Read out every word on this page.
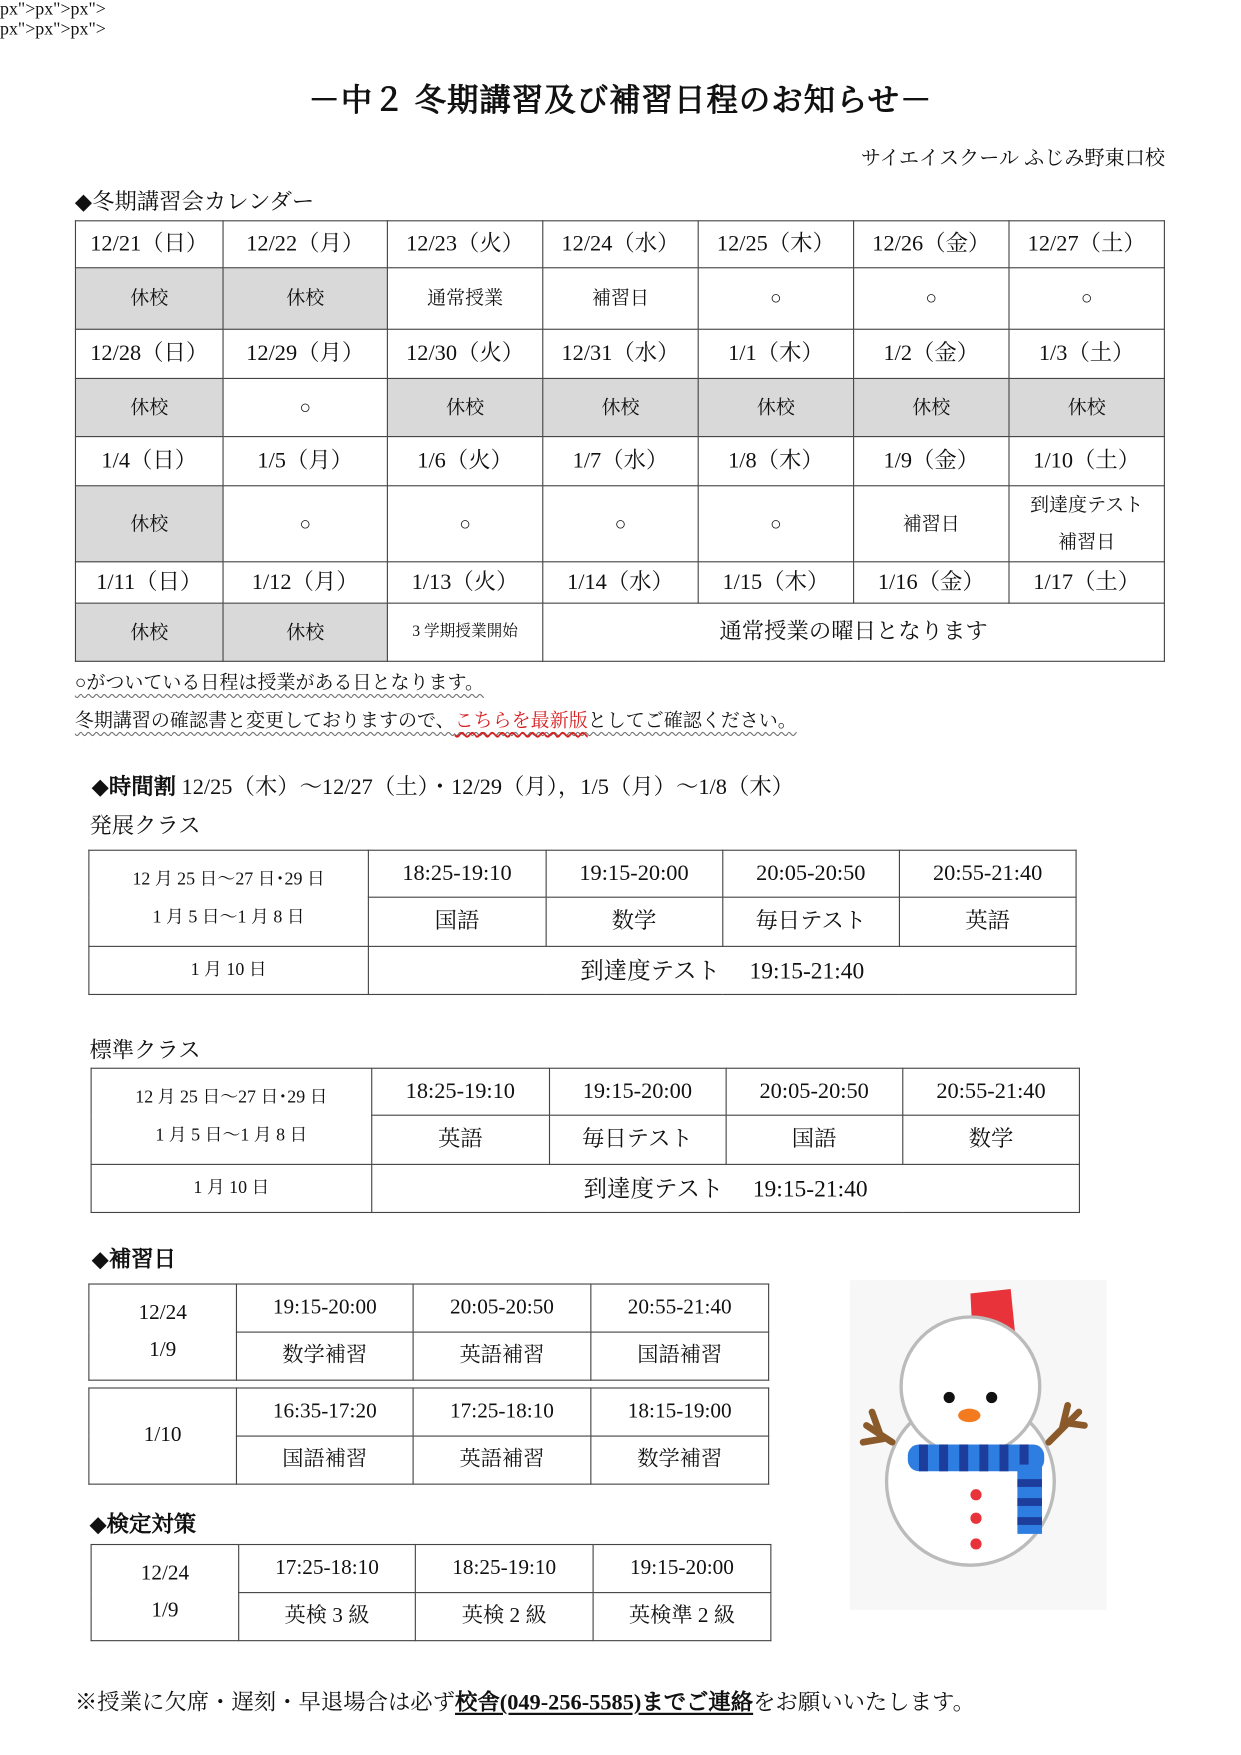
－中２ 冬期講習及び補習日程のお知らせ－
サイエイスクール ふじみ野東口校
◆冬期講習会カレンダー
12/21（日）	12/22（月）	12/23（火）	12/24（水）	12/25（木）	12/26（金）	12/27（土）
休校	休校	通常授業	補習日	○	○	○
12/28（日）	12/29（月）	12/30（火）	12/31（水）	1/1（木）	1/2（金）	1/3（土）
休校	○	休校	休校	休校	休校	休校
1/4（日）	1/5（月）	1/6（火）	1/7（水）	1/8（木）	1/9（金）	1/10（土）
休校	○	○	○	○	補習日	到達度テスト
補習日
1/11（日）	1/12（月）	1/13（火）	1/14（水）	1/15（木）	1/16（金）	1/17（土）
休校	休校	3 学期授業開始	通常授業の曜日となります			
○がついている日程は授業がある日となります。
冬期講習の確認書と変更しておりますので、こちらを最新版としてご確認ください。
◆時間割 12/25（木）～12/27（土）・12/29（月），1/5（月）～1/8（木）
発展クラス
px">px">px">
12 月 25 日～27 日･29 日
1 月 5 日～1 月 8 日	18:25-19:10	19:15-20:00	20:05-20:50	20:55-21:40
	国語	数学	毎日テスト	英語
1 月 10 日	到達度テスト　 19:15-21:40			
標準クラス
px">px">px">
12 月 25 日～27 日･29 日
1 月 5 日～1 月 8 日	18:25-19:10	19:15-20:00	20:05-20:50	20:55-21:40
	英語	毎日テスト	国語	数学
1 月 10 日	到達度テスト　 19:15-21:40			
◆補習日
12/24
1/9	19:15-20:00	20:05-20:50	20:55-21:40
	数学補習	英語補習	国語補習
1/10	16:35-17:20	17:25-18:10	18:15-19:00
	国語補習	英語補習	数学補習
◆検定対策
12/24
1/9	17:25-18:10	18:25-19:10	19:15-20:00
	英検 3 級	英検 2 級	英検準 2 級
※授業に欠席・遅刻・早退場合は必ず校舎(049-256-5585)までご連絡をお願いいたします。
